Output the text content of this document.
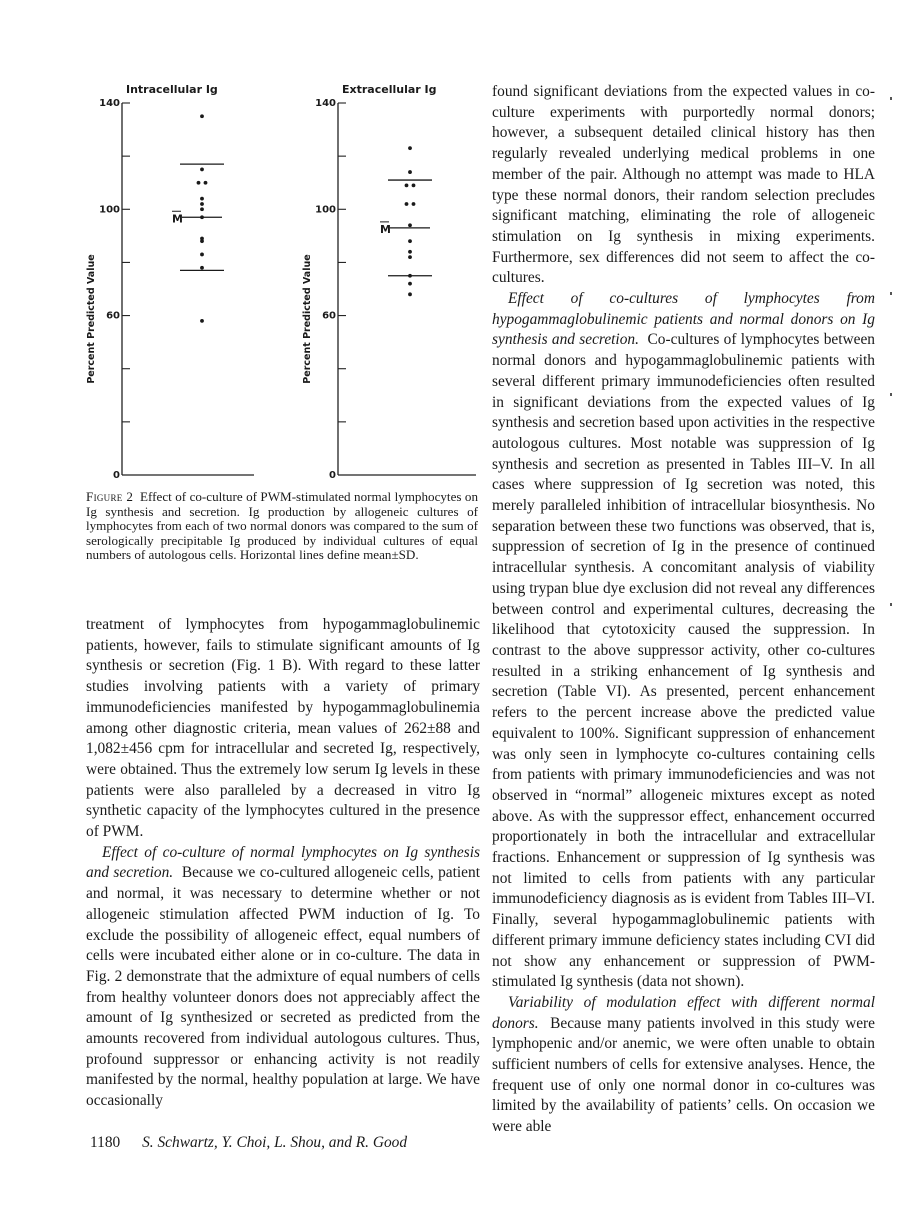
Intracellular Ig
0
60
100
140
Percent Predicted Value
M
Extracellular Ig
0
60
100
140
Percent Predicted Value
M

Figure 2 Effect of co-culture of PWM-stimulated normal lymphocytes on Ig synthesis and secretion. Ig production by allogeneic cultures of lymphocytes from each of two normal donors was compared to the sum of serologically precipitable Ig produced by individual cultures of equal numbers of autologous cells. Horizontal lines define mean±SD.

treatment of lymphocytes from hypogammaglobulinemic patients, however, fails to stimulate significant amounts of Ig synthesis or secretion (Fig. 1 B). With regard to these latter studies involving patients with a variety of primary immunodeficiencies manifested by hypogammaglobulinemia among other diagnostic criteria, mean values of 262±88 and 1,082±456 cpm for intracellular and secreted Ig, respectively, were obtained. Thus the extremely low serum Ig levels in these patients were also paralleled by a decreased in vitro Ig synthetic capacity of the lymphocytes cultured in the presence of PWM.

Effect of co-culture of normal lymphocytes on Ig synthesis and secretion. Because we co-cultured allogeneic cells, patient and normal, it was necessary to determine whether or not allogeneic stimulation affected PWM induction of Ig. To exclude the possibility of allogeneic effect, equal numbers of cells were incubated either alone or in co-culture. The data in Fig. 2 demonstrate that the admixture of equal numbers of cells from healthy volunteer donors does not appreciably affect the amount of Ig synthesized or secreted as predicted from the amounts recovered from individual autologous cultures. Thus, profound suppressor or enhancing activity is not readily manifested by the normal, healthy population at large. We have occasionally

found significant deviations from the expected values in co-culture experiments with purportedly normal donors; however, a subsequent detailed clinical history has then regularly revealed underlying medical problems in one member of the pair. Although no attempt was made to HLA type these normal donors, their random selection precludes significant matching, eliminating the role of allogeneic stimulation on Ig synthesis in mixing experiments. Furthermore, sex differences did not seem to affect the co-cultures.

Effect of co-cultures of lymphocytes from hypogammaglobulinemic patients and normal donors on Ig synthesis and secretion. Co-cultures of lymphocytes between normal donors and hypogammaglobulinemic patients with several different primary immunodeficiencies often resulted in significant deviations from the expected values of Ig synthesis and secretion based upon activities in the respective autologous cultures. Most notable was suppression of Ig synthesis and secretion as presented in Tables III–V. In all cases where suppression of Ig secretion was noted, this merely paralleled inhibition of intracellular biosynthesis. No separation between these two functions was observed, that is, suppression of secretion of Ig in the presence of continued intracellular synthesis. A concomitant analysis of viability using trypan blue dye exclusion did not reveal any differences between control and experimental cultures, decreasing the likelihood that cytotoxicity caused the suppression. In contrast to the above suppressor activity, other co-cultures resulted in a striking enhancement of Ig synthesis and secretion (Table VI). As presented, percent enhancement refers to the percent increase above the predicted value equivalent to 100%. Significant suppression of enhancement was only seen in lymphocyte co-cultures containing cells from patients with primary immunodeficiencies and was not observed in “normal” allogeneic mixtures except as noted above. As with the suppressor effect, enhancement occurred proportionately in both the intracellular and extracellular fractions. Enhancement or suppression of Ig synthesis was not limited to cells from patients with any particular immunodeficiency diagnosis as is evident from Tables III–VI. Finally, several hypogammaglobulinemic patients with different primary immune deficiency states including CVI did not show any enhancement or suppression of PWM-stimulated Ig synthesis (data not shown).

Variability of modulation effect with different normal donors. Because many patients involved in this study were lymphopenic and/or anemic, we were often unable to obtain sufficient numbers of cells for extensive analyses. Hence, the frequent use of only one normal donor in co-cultures was limited by the availability of patients’ cells. On occasion we were able

1180 S. Schwartz, Y. Choi, L. Shou, and R. Good
